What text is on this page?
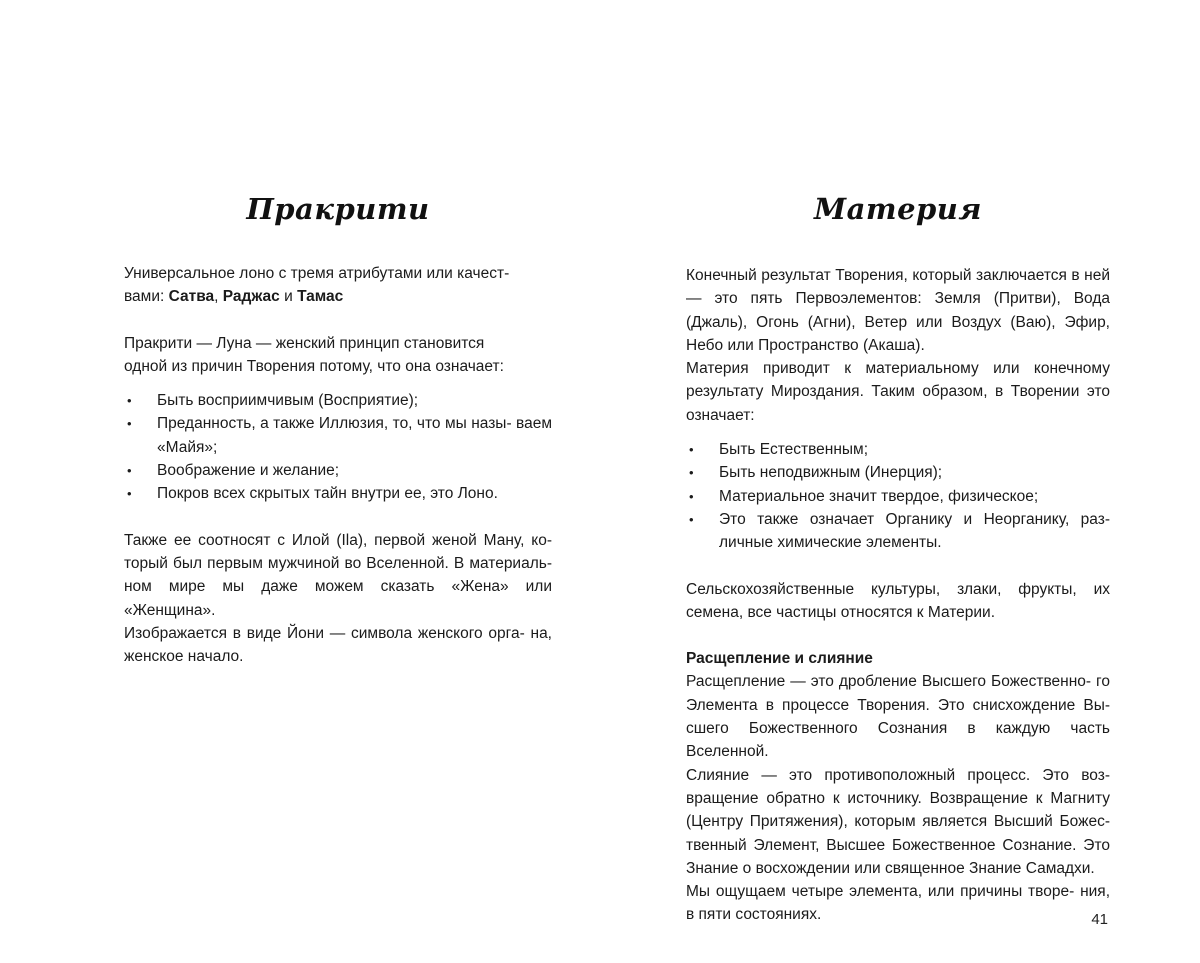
Пракрити

Универсальное лоно с тремя атрибутами или качест-
вами: Сатва, Раджас и Тамас

Пракрити — Луна — женский принцип становится
одной из причин Творения потому, что она означает:

• Быть восприимчивым (Восприятие);
• Преданность, а также Иллюзия, то, что мы назы- ваем «Майя»;
• Воображение и желание;
• Покров всех скрытых тайн внутри ее, это Лоно.

Также ее соотносят с Илой (Ila), первой женой Ману, ко- торый был первым мужчиной во Вселенной. В материаль- ном мире мы даже можем сказать «Жена» или «Женщина».

Изображается в виде Йони — символа женского орга- на, женское начало.

Материя

Конечный результат Творения, который заключается в ней — это пять Первоэлементов: Земля (Притви), Вода (Джаль), Огонь (Агни), Ветер или Воздух (Ваю), Эфир, Небо или Пространство (Акаша).

Материя приводит к материальному или конечному результату Мироздания. Таким образом, в Творении это означает:

• Быть Естественным;
• Быть неподвижным (Инерция);
• Материальное значит твердое, физическое;
• Это также означает Органику и Неорганику, раз- личные химические элементы.

Сельскохозяйственные культуры, злаки, фрукты, их семена, все частицы относятся к Материи.

Расщепление и слияние

Расщепление — это дробление Высшего Божественно- го Элемента в процессе Творения. Это снисхождение Вы- сшего Божественного Сознания в каждую часть Вселенной.

Слияние — это противоположный процесс. Это воз- вращение обратно к источнику. Возвращение к Магниту (Центру Притяжения), которым является Высший Божес- твенный Элемент, Высшее Божественное Сознание. Это Знание о восхождении или священное Знание Самадхи.

Мы ощущаем четыре элемента, или причины творе- ния, в пяти состояниях.	41
